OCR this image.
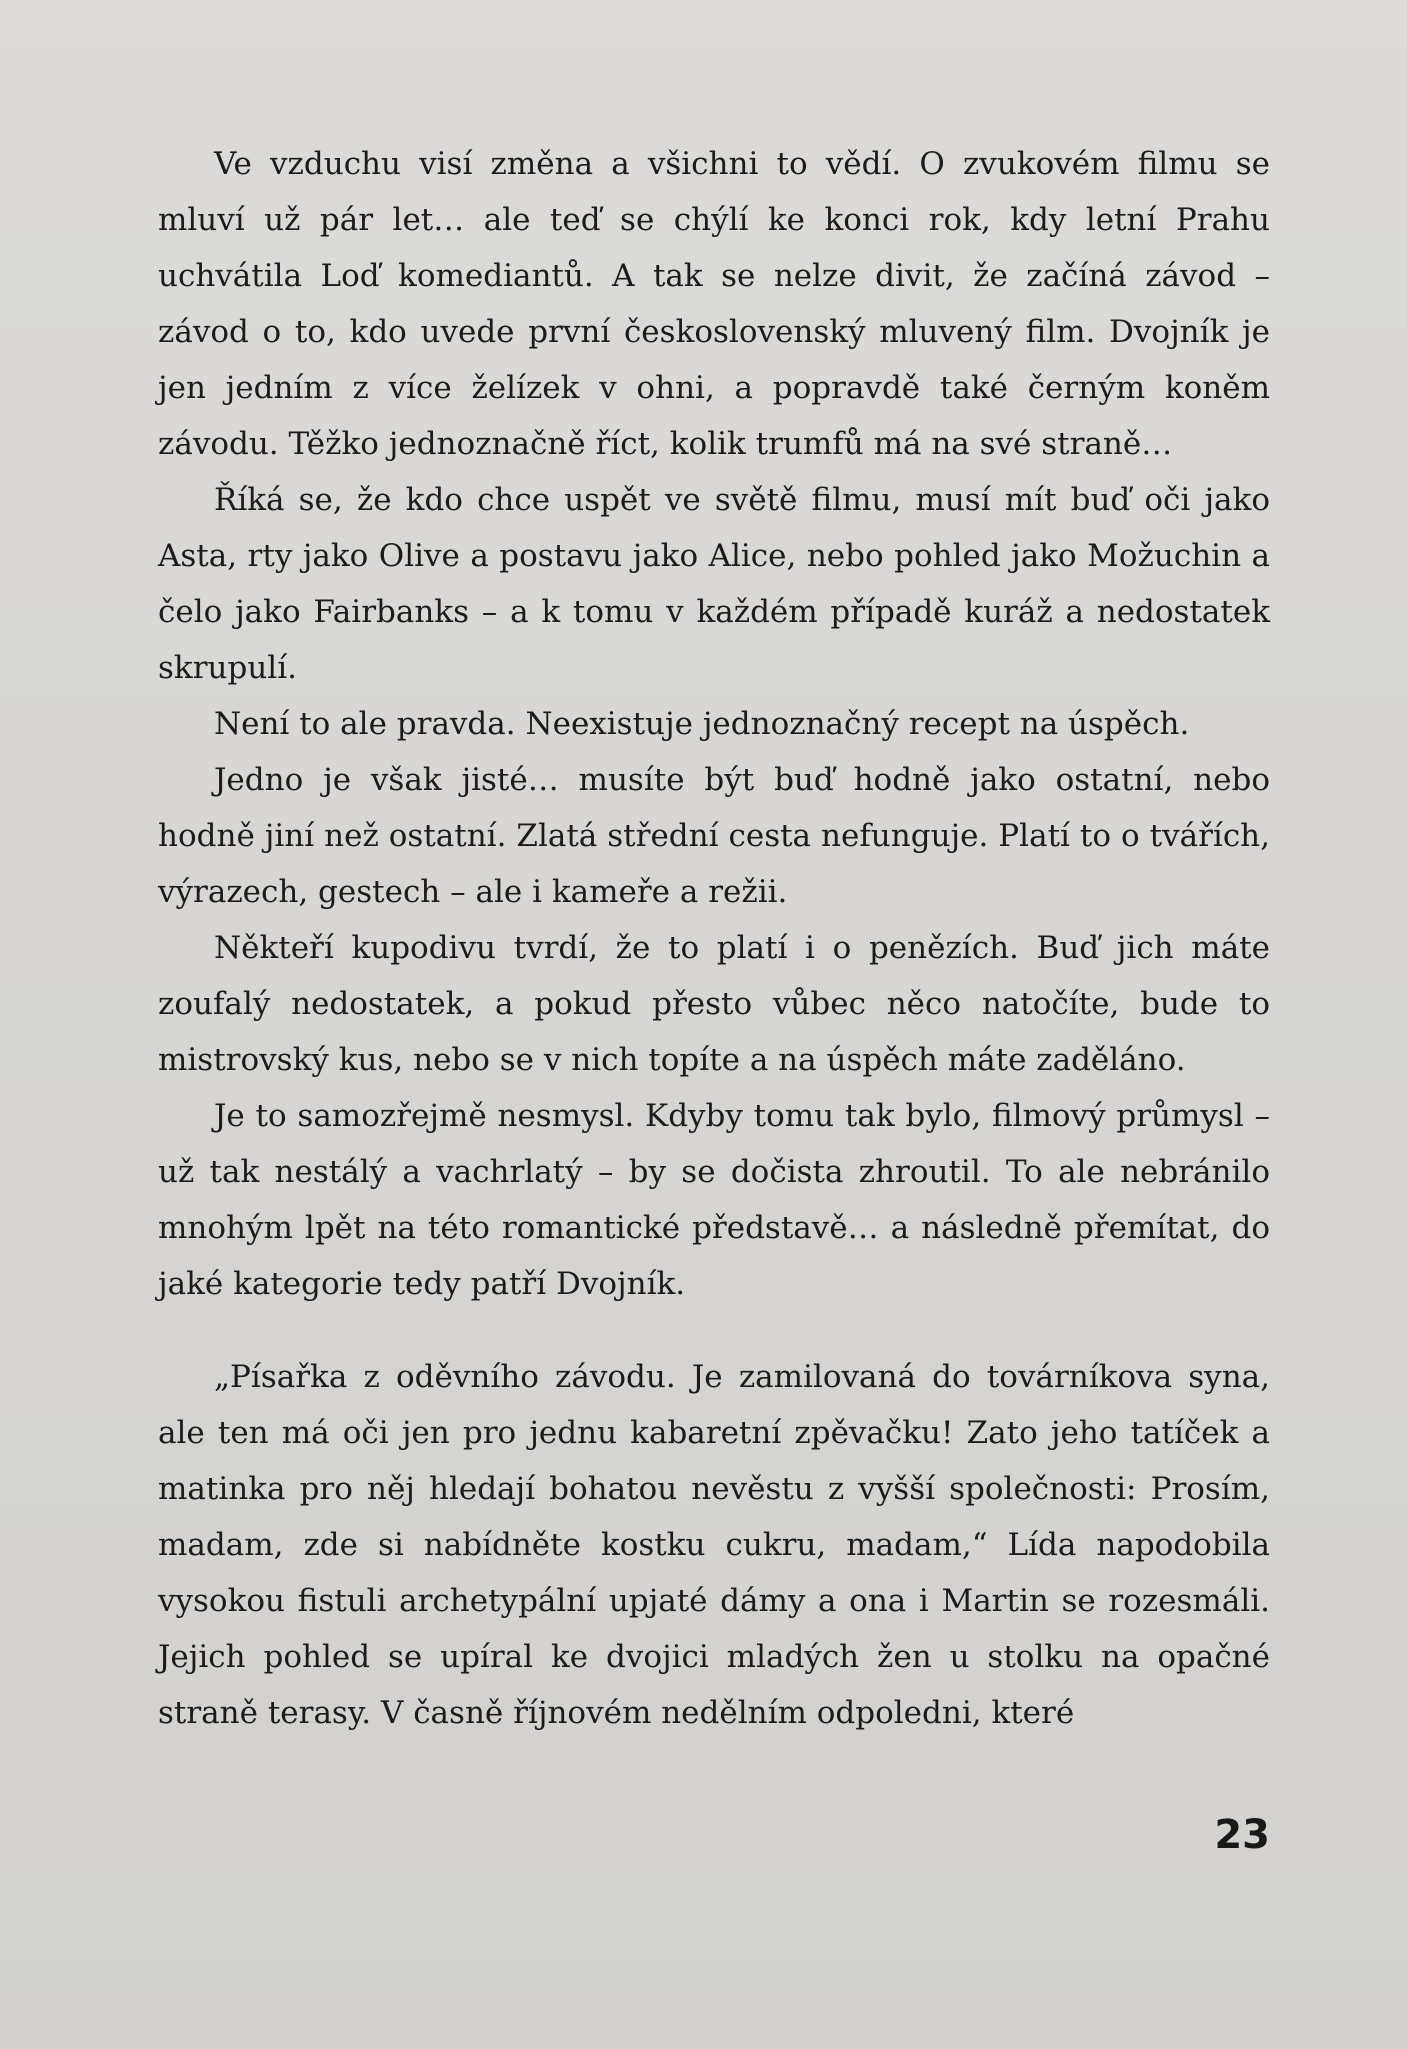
Ve vzduchu visí změna a všichni to vědí. O zvukovém filmu se mluví už pár let… ale teď se chýlí ke konci rok, kdy letní Prahu uchvátila Loď komediantů. A tak se nelze divit, že začíná závod – závod o to, kdo uvede první československý mluvený film. Dvojník je jen jedním z více želízek v ohni, a popravdě také černým koněm závodu. Těžko jednoznačně říct, kolik trumfů má na své straně…

Říká se, že kdo chce uspět ve světě filmu, musí mít buď oči jako Asta, rty jako Olive a postavu jako Alice, nebo pohled jako Možuchin a čelo jako Fairbanks – a k tomu v každém případě kuráž a nedostatek skrupulí.

Není to ale pravda. Neexistuje jednoznačný recept na úspěch.

Jedno je však jisté… musíte být buď hodně jako ostatní, nebo hodně jiní než ostatní. Zlatá střední cesta nefunguje. Platí to o tvářích, výrazech, gestech – ale i kameře a režii.

Někteří kupodivu tvrdí, že to platí i o penězích. Buď jich máte zoufalý nedostatek, a pokud přesto vůbec něco natočíte, bude to mistrovský kus, nebo se v nich topíte a na úspěch máte zaděláno.

Je to samozřejmě nesmysl. Kdyby tomu tak bylo, filmový průmysl – už tak nestálý a vachrlatý – by se dočista zhroutil. To ale nebránilo mnohým lpět na této romantické představě… a následně přemítat, do jaké kategorie tedy patří Dvojník.

„Písařka z oděvního závodu. Je zamilovaná do továrníkova syna, ale ten má oči jen pro jednu kabaretní zpěvačku! Zato jeho tatíček a matinka pro něj hledají bohatou nevěstu z vyšší společnosti: Prosím, madam, zde si nabídněte kostku cukru, madam,“ Lída napodobila vysokou fistuli archetypální upjaté dámy a ona i Martin se rozesmáli. Jejich pohled se upíral ke dvojici mladých žen u stolku na opačné straně terasy. V časně říjnovém nedělním odpoledni, které

23
